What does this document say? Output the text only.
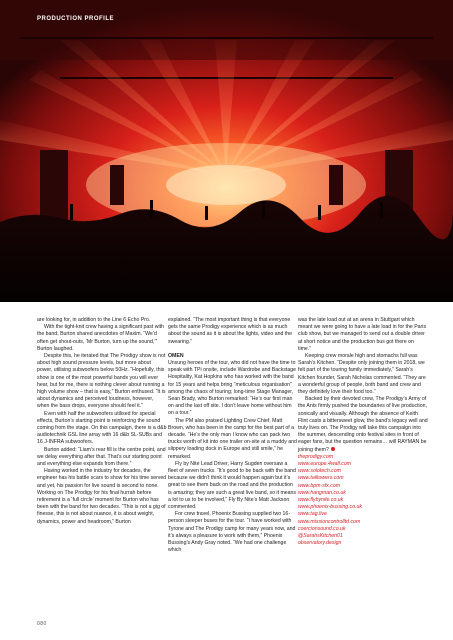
PRODUCTION PROFILE

are looking for, in addition to the Line 6 Echo Pro.

With the tight-knit crew having a significant past with the band, Burton shared anecdotes of Maxim. “We’d often get shout-outs, ‘Mr Burton, turn up the sound,’” Burton laughed.

Despite this, he iterated that The Prodigy show is not about high sound pressure levels, but more about power, utilising subwoofers below 50Hz. “Hopefully, this show is one of the most powerful bands you will ever hear, but for me, there is nothing clever about running a high volume show – that is easy,” Burton enthused. “It is about dynamics and perceived loudness, however, when the bass drops, everyone should feel it.”

Even with half the subwoofers utilised for special effects, Burton’s starting point is reinforcing the sound coming from the stage. On this campaign, there is a d&b audiotechnik GSL line array with 16 d&b SL-SUBs and 16 J-INFRA subwoofers.

Burton added: “Liam’s rear fill is the centre point, and we delay everything after that. That’s our starting point and everything else expands from there.”

Having worked in the industry for decades, the engineer has his battle scars to show for his time served and yet, his passion for live sound is second to none. Working on The Prodigy for his final hurrah before retirement is a ‘full circle’ moment for Burton who has been with the band for two decades. “This is not a gig of finesse, this is not about nuance, it is about weight, dynamics, power and headroom,” Burton

explained. “The most important thing is that everyone gets the same Prodigy experience which is as much about the sound as it is about the lights, video and the swearing.”

OMEN

Unsung heroes of the tour, who did not have the time to speak with TPi onsite, include Wardrobe and Backstage Hospitality, Kat Hopkins who has worked with the band for 15 years and helps bring “meticulous organisation” among the chaos of touring; long-time Stage Manager, Sean Brady, who Burton remarked: “He’s our first man on and the last off site. I don’t leave home without him on a tour.”

The PM also praised Lighting Crew Chief, Matt Brown, who has been in the camp for the best part of a decade. “He’s the only man I know who can pack two trucks worth of kit into one trailer on-site at a muddy and slippery loading dock in Europe and still smile,” he remarked.

Fly by Nite Lead Driver, Harry Sugden oversaw a fleet of seven trucks. “It’s good to be back with the band because we didn’t think it would happen again but it’s great to see them back on the road and the production is amazing; they are such a great live band, so it means a lot to us to be involved,” Fly By Nite’s Matt Jackson commented.

For crew travel, Phoenix Bussing supplied two 16-person sleeper buses for the tour. “I have worked with Tyrone and The Prodigy camp for many years now, and it’s always a pleasure to work with them,” Phoenix Bussing’s Andy Gray noted. “We had one challenge which

was the late load out at an arena in Stuttgart which meant we were going to have a late load in for the Paris club show, but we managed to send out a double driver at short notice and the production bus got there on time.”

Keeping crew morale high and stomachs full was Sarah’s Kitchen. “Despite only joining them in 2018, we felt part of the touring family immediately,” Sarah’s Kitchen founder, Sarah Nicholas commented. “They are a wonderful group of people, both band and crew and they definitely love their food too.”

Backed by their devoted crew, The Prodigy’s Army of the Ants firmly pushed the boundaries of live production, sonically and visually. Although the absence of Keith Flint casts a bittersweet glow, the band’s legacy well and truly lives on. The Prodigy will take this campaign into the summer, descending onto festival sites in front of eager fans, but the question remains… will RAYMAN be joining them?

theprodigy.com
www.europe.4wall.com
www.solotech.com
www.tailtowers.com
www.bpm-sfx.com
www.hangman.co.uk
www.flybynite.co.uk
www.phoenix-bussing.co.uk
www.tag.live
www.missioncontrolltd.com
coercionsound.co.uk
@SarahsKitchen01
observatory.design
080
